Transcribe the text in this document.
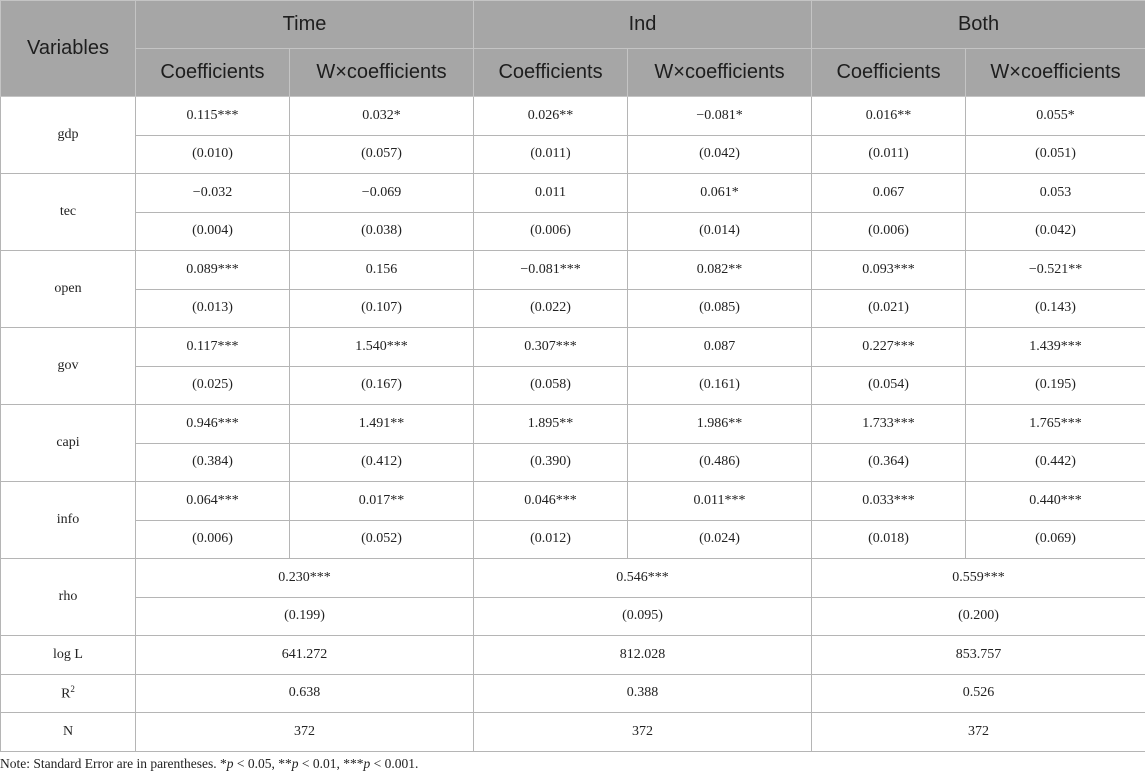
Variables	Time		Ind		Both	
	Coefficients	W×coefficients	Coefficients	W×coefficients	Coefficients	W×coefficients
gdp	0.115***	0.032*	0.026**	−0.081*	0.016**	0.055*
	(0.010)	(0.057)	(0.011)	(0.042)	(0.011)	(0.051)
tec	−0.032	−0.069	0.011	0.061*	0.067	0.053
	(0.004)	(0.038)	(0.006)	(0.014)	(0.006)	(0.042)
open	0.089***	0.156	−0.081***	0.082**	0.093***	−0.521**
	(0.013)	(0.107)	(0.022)	(0.085)	(0.021)	(0.143)
gov	0.117***	1.540***	0.307***	0.087	0.227***	1.439***
	(0.025)	(0.167)	(0.058)	(0.161)	(0.054)	(0.195)
capi	0.946***	1.491**	1.895**	1.986**	1.733***	1.765***
	(0.384)	(0.412)	(0.390)	(0.486)	(0.364)	(0.442)
info	0.064***	0.017**	0.046***	0.011***	0.033***	0.440***
	(0.006)	(0.052)	(0.012)	(0.024)	(0.018)	(0.069)
rho	0.230***		0.546***		0.559***	
	(0.199)		(0.095)		(0.200)	
log L	641.272		812.028		853.757	
$R^2$	0.638		0.388		0.526	
N	372		372		372	
Note: Standard Error are in parentheses. *p < 0.05, **p < 0.01, ***p < 0.001.
